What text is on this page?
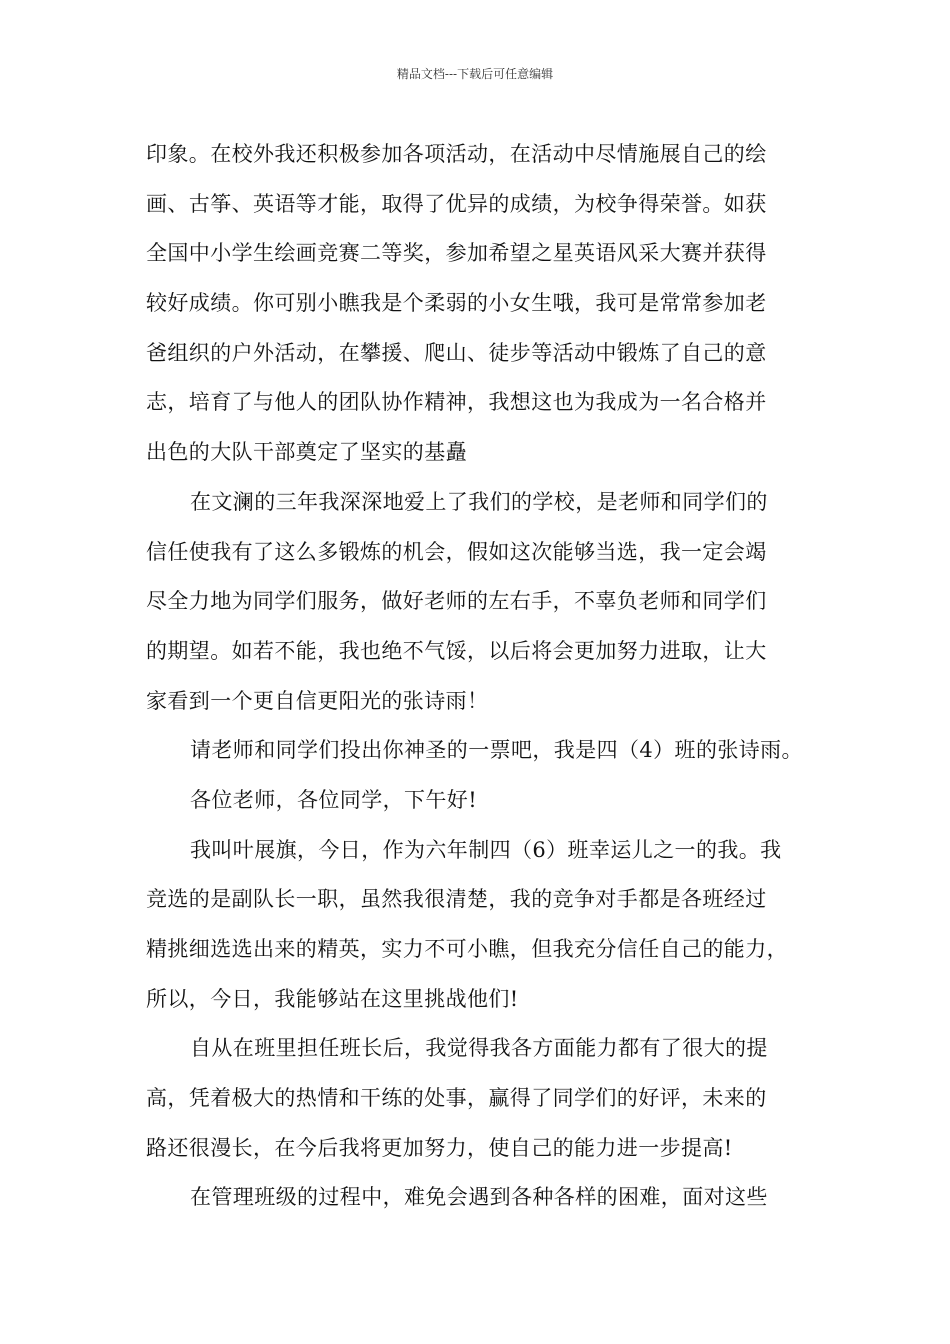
精品文档---下载后可任意编辑
印象。在校外我还积极参加各项活动，在活动中尽情施展自己的绘
画、古筝、英语等才能，取得了优异的成绩，为校争得荣誉。如获
全国中小学生绘画竞赛二等奖，参加希望之星英语风采大赛并获得
较好成绩。你可别小瞧我是个柔弱的小女生哦，我可是常常参加老
爸组织的户外活动，在攀援、爬山、徒步等活动中锻炼了自己的意
志，培育了与他人的团队协作精神，我想这也为我成为一名合格并
出色的大队干部奠定了坚实的基矗
在文澜的三年我深深地爱上了我们的学校，是老师和同学们的
信任使我有了这么多锻炼的机会，假如这次能够当选，我一定会竭
尽全力地为同学们服务，做好老师的左右手，不辜负老师和同学们
的期望。如若不能，我也绝不气馁，以后将会更加努力进取，让大
家看到一个更自信更阳光的张诗雨！
请老师和同学们投出你神圣的一票吧，我是四（4）班的张诗雨。
各位老师，各位同学，下午好!
我叫叶展旗，今日，作为六年制四（6）班幸运儿之一的我。我
竞选的是副队长一职，虽然我很清楚，我的竞争对手都是各班经过
精挑细选选出来的精英，实力不可小瞧，但我充分信任自己的能力，
所以，今日，我能够站在这里挑战他们!
自从在班里担任班长后，我觉得我各方面能力都有了很大的提
高，凭着极大的热情和干练的处事，赢得了同学们的好评，未来的
路还很漫长，在今后我将更加努力，使自己的能力进一步提高!
在管理班级的过程中，难免会遇到各种各样的困难，面对这些
